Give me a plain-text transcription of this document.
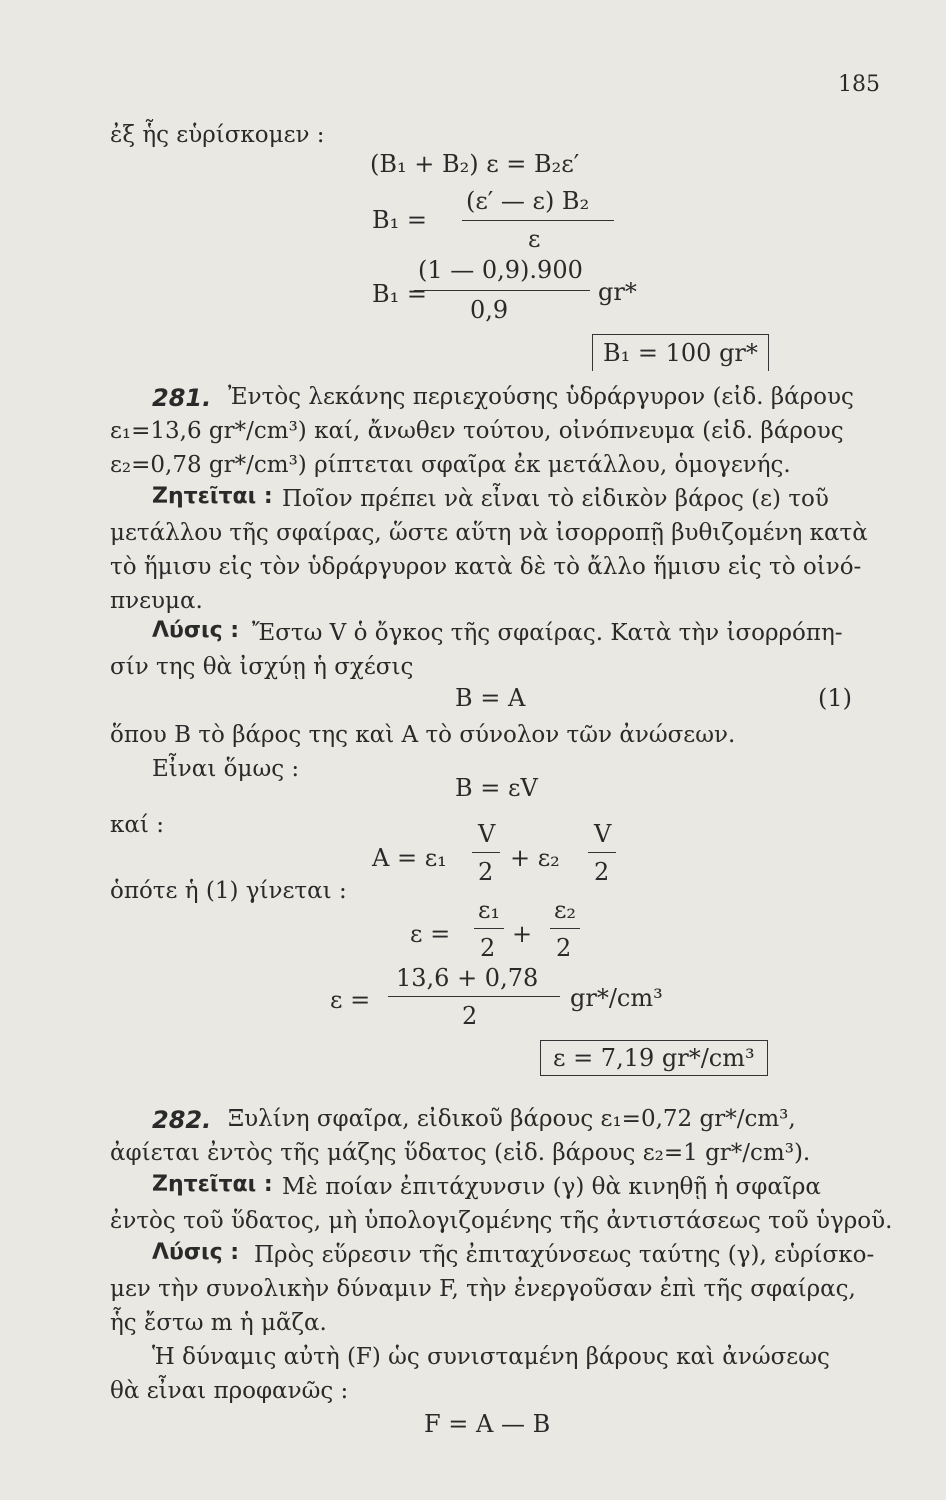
185
ἐξ ἧς εὑρίσκομεν :
(B₁ + B₂) ε = B₂ε′
B₁ =
(ε′ — ε) B₂
ε
B₁ =
(1 — 0,9).900
0,9
gr*
B₁ = 100 gr*
281. Ἐντὸς λεκάνης περιεχούσης ὑδράργυρον (εἰδ. βάρους
ε₁=13,6 gr*/cm³) καί, ἄνωθεν τούτου, οἰνόπνευμα (εἰδ. βάρους
ε₂=0,78 gr*/cm³) ρίπτεται σφαῖρα ἐκ μετάλλου, ὁμογενής.
Ζητεῖται : Ποῖον πρέπει νὰ εἶναι τὸ εἰδικὸν βάρος (ε) τοῦ
μετάλλου τῆς σφαίρας, ὥστε αὕτη νὰ ἰσορροπῇ βυθιζομένη κατὰ
τὸ ἥμισυ εἰς τὸν ὑδράργυρον κατὰ δὲ τὸ ἄλλο ἥμισυ εἰς τὸ οἰνό-
πνευμα.
Λύσις : Ἔστω V ὁ ὄγκος τῆς σφαίρας. Κατὰ τὴν ἰσορρόπη-
σίν της θὰ ἰσχύῃ ἡ σχέσις
B = A	(1)
ὅπου B τὸ βάρος της καὶ A τὸ σύνολον τῶν ἀνώσεων.
Εἶναι ὅμως :
B = εV
καί :
A = ε₁
V
2 + ε₂
V
2
ὁπότε ἡ (1) γίνεται :
ε =
ε₁
2 +
ε₂
2
ε =
13,6 + 0,78
2
gr*/cm³
ε = 7,19 gr*/cm³
282. Ξυλίνη σφαῖρα, εἰδικοῦ βάρους ε₁=0,72 gr*/cm³,
ἀφίεται ἐντὸς τῆς μάζης ὕδατος (εἰδ. βάρους ε₂=1 gr*/cm³).
Ζητεῖται : Μὲ ποίαν ἐπιτάχυνσιν (γ) θὰ κινηθῇ ἡ σφαῖρα
ἐντὸς τοῦ ὕδατος, μὴ ὑπολογιζομένης τῆς ἀντιστάσεως τοῦ ὑγροῦ.
Λύσις : Πρὸς εὕρεσιν τῆς ἐπιταχύνσεως ταύτης (γ), εὑρίσκο-
μεν τὴν συνολικὴν δύναμιν F, τὴν ἐνεργοῦσαν ἐπὶ τῆς σφαίρας,
ἧς ἔστω m ἡ μᾶζα.
Ἡ δύναμις αὐτὴ (F) ὡς συνισταμένη βάρους καὶ ἀνώσεως
θὰ εἶναι προφανῶς :
F = A — B
